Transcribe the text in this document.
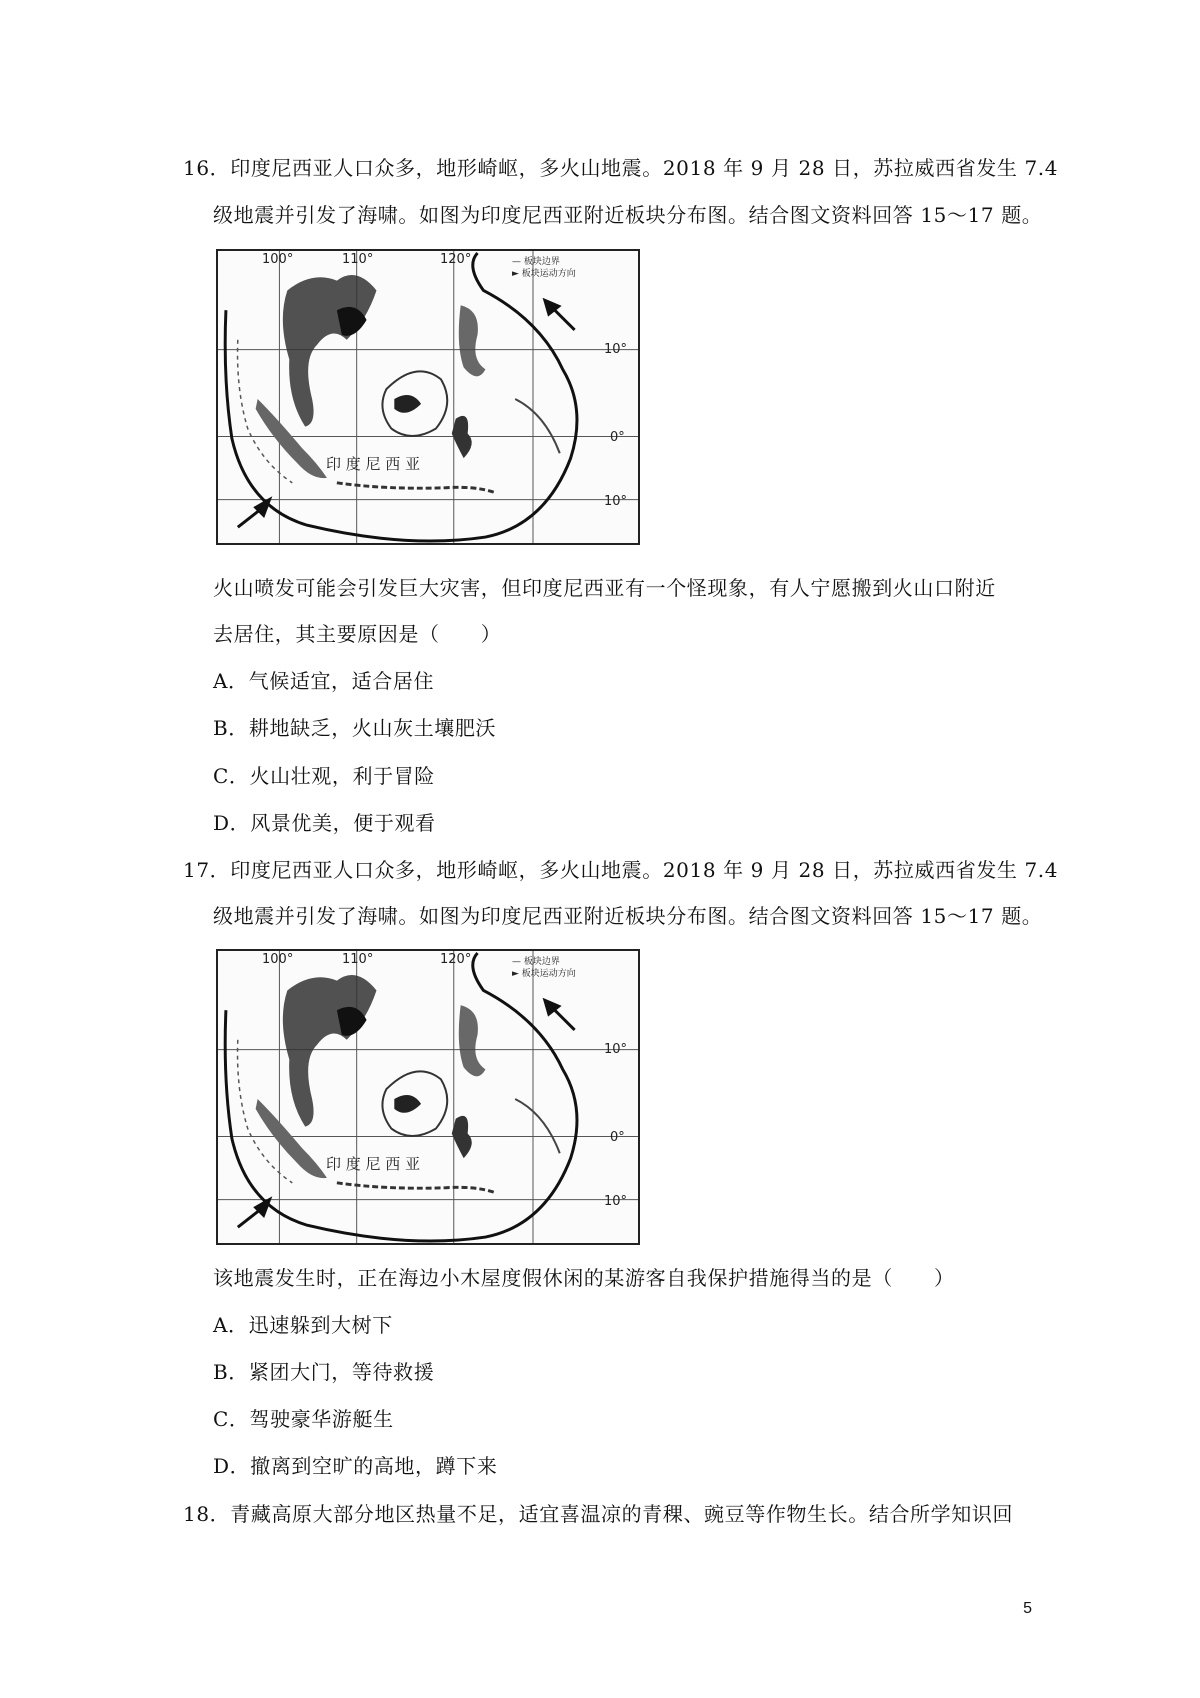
16．印度尼西亚人口众多，地形崎岖，多火山地震。2018 年 9 月 28 日，苏拉威西省发生 7.4

级地震并引发了海啸。如图为印度尼西亚附近板块分布图。结合图文资料回答 15～17 题。

100°	110°	120°
10°
0°
10°
印 度 尼 西 亚
— 板块边界
► 板块运动方向

火山喷发可能会引发巨大灾害，但印度尼西亚有一个怪现象，有人宁愿搬到火山口附近

去居住，其主要原因是（　　）

A．气候适宜，适合居住

B．耕地缺乏，火山灰土壤肥沃

C．火山壮观，利于冒险

D．风景优美，便于观看

17．印度尼西亚人口众多，地形崎岖，多火山地震。2018 年 9 月 28 日，苏拉威西省发生 7.4

级地震并引发了海啸。如图为印度尼西亚附近板块分布图。结合图文资料回答 15～17 题。

100°	110°	120°
10°
0°
10°
印 度 尼 西 亚
— 板块边界
► 板块运动方向

该地震发生时，正在海边小木屋度假休闲的某游客自我保护措施得当的是（　　）

A．迅速躲到大树下

B．紧团大门，等待救援

C．驾驶豪华游艇生

D．撤离到空旷的高地，蹲下来

18．青藏高原大部分地区热量不足，适宜喜温凉的青稞、豌豆等作物生长。结合所学知识回

5
